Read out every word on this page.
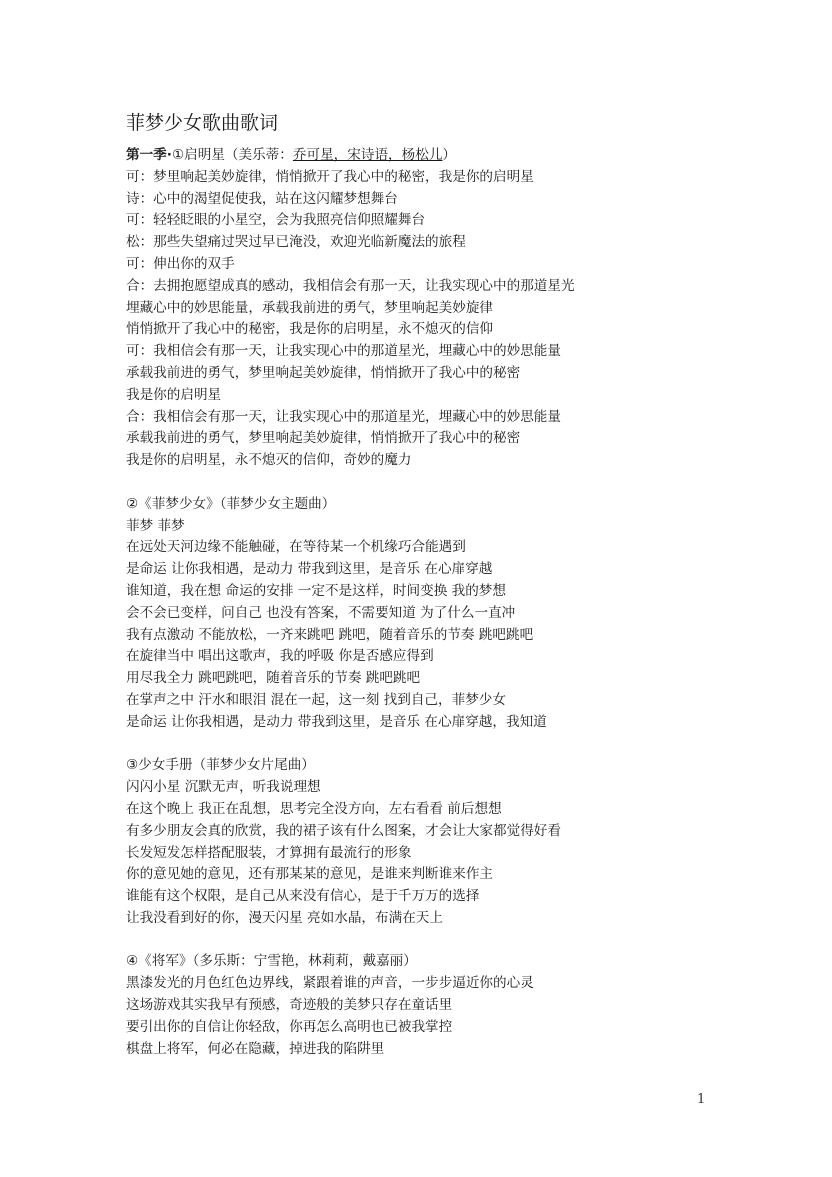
菲梦少女歌曲歌词
第一季·①启明星（美乐蒂：乔可星，宋诗语，杨松儿）
可：梦里响起美妙旋律，悄悄掀开了我心中的秘密，我是你的启明星
诗：心中的渴望促使我，站在这闪耀梦想舞台
可：轻轻眨眼的小星空，会为我照亮信仰照耀舞台
松：那些失望痛过哭过早已淹没，欢迎光临新魔法的旅程
可：伸出你的双手
合：去拥抱愿望成真的感动，我相信会有那一天，让我实现心中的那道星光
埋藏心中的妙思能量，承载我前进的勇气，梦里响起美妙旋律
悄悄掀开了我心中的秘密，我是你的启明星，永不熄灭的信仰
可：我相信会有那一天，让我实现心中的那道星光，埋藏心中的妙思能量
承载我前进的勇气，梦里响起美妙旋律，悄悄掀开了我心中的秘密
我是你的启明星
合：我相信会有那一天，让我实现心中的那道星光，埋藏心中的妙思能量
承载我前进的勇气，梦里响起美妙旋律，悄悄掀开了我心中的秘密
我是你的启明星，永不熄灭的信仰，奇妙的魔力
②《菲梦少女》（菲梦少女主题曲）
菲梦 菲梦
在远处天河边缘不能触碰，在等待某一个机缘巧合能遇到
是命运 让你我相遇，是动力 带我到这里，是音乐 在心扉穿越
谁知道，我在想 命运的安排 一定不是这样，时间变换 我的梦想
会不会已变样，问自己 也没有答案，不需要知道 为了什么一直冲
我有点激动 不能放松，一齐来跳吧 跳吧，随着音乐的节奏 跳吧跳吧
在旋律当中 唱出这歌声，我的呼吸 你是否感应得到
用尽我全力 跳吧跳吧，随着音乐的节奏 跳吧跳吧
在掌声之中 汗水和眼泪 混在一起，这一刻 找到自己，菲梦少女
是命运 让你我相遇，是动力 带我到这里，是音乐 在心扉穿越，我知道
③少女手册（菲梦少女片尾曲）
闪闪小星 沉默无声，听我说理想
在这个晚上 我正在乱想，思考完全没方向，左右看看 前后想想
有多少朋友会真的欣赏，我的裙子该有什么图案，才会让大家都觉得好看
长发短发怎样搭配服装，才算拥有最流行的形象
你的意见她的意见，还有那某某的意见，是谁来判断谁来作主
谁能有这个权限，是自己从来没有信心，是于千万万的选择
让我没看到好的你，漫天闪星 亮如水晶，布满在天上
④《将军》（多乐斯：宁雪艳，林莉莉，戴嘉丽）
黑漆发光的月色红色边界线，紧跟着谁的声音，一步步逼近你的心灵
这场游戏其实我早有预感，奇迹般的美梦只存在童话里
要引出你的自信让你轻敌，你再怎么高明也已被我掌控
棋盘上将军，何必在隐藏，掉进我的陷阱里
1
